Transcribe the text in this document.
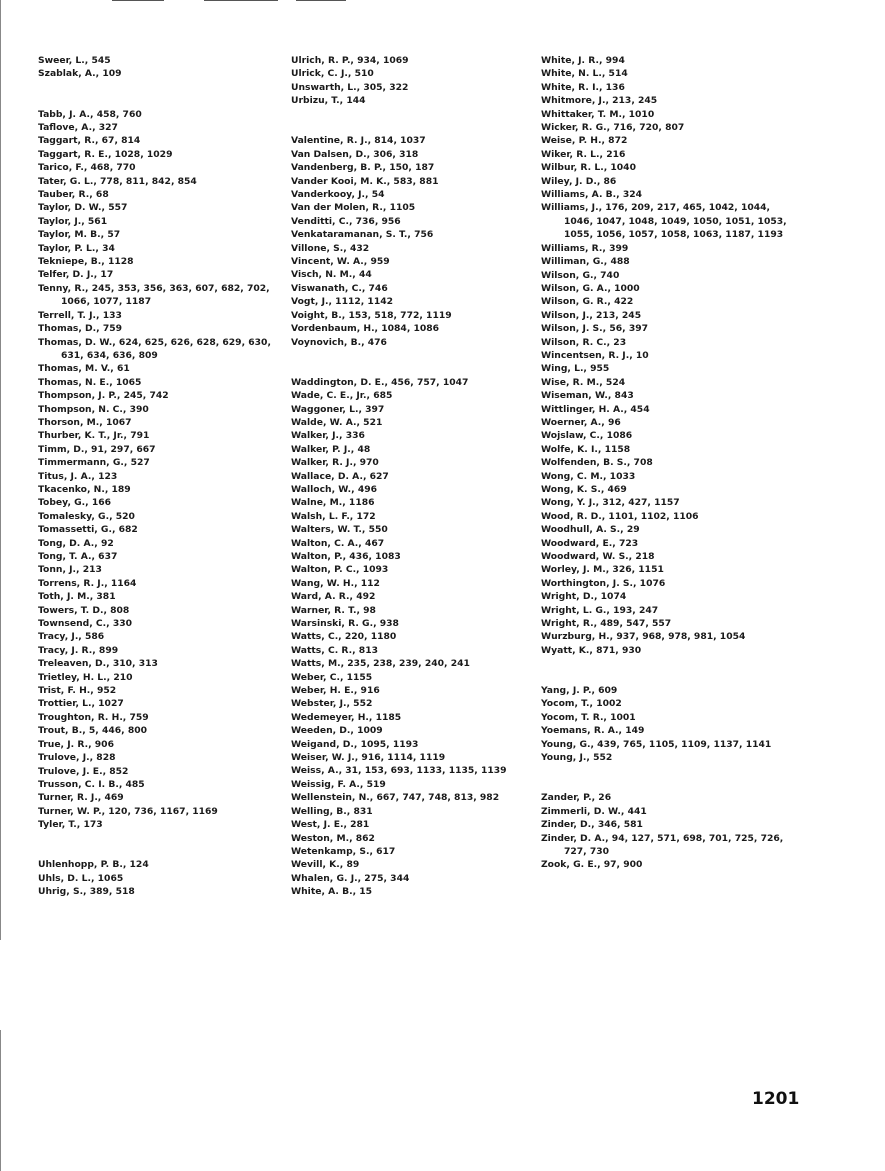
Sweer, L., 545
Szablak, A., 109
Tabb, J. A., 458, 760
Taflove, A., 327
Taggart, R., 67, 814
Taggart, R. E., 1028, 1029
Tarico, F., 468, 770
Tater, G. L., 778, 811, 842, 854
Tauber, R., 68
Taylor, D. W., 557
Taylor, J., 561
Taylor, M. B., 57
Taylor, P. L., 34
Tekniepe, B., 1128
Telfer, D. J., 17
Tenny, R., 245, 353, 356, 363, 607, 682, 702, 1066, 1077, 1187
Terrell, T. J., 133
Thomas, D., 759
Thomas, D. W., 624, 625, 626, 628, 629, 630, 631, 634, 636, 809
Thomas, M. V., 61
Thomas, N. E., 1065
Thompson, J. P., 245, 742
Thompson, N. C., 390
Thorson, M., 1067
Thurber, K. T., Jr., 791
Timm, D., 91, 297, 667
Timmermann, G., 527
Titus, J. A., 123
Tkacenko, N., 189
Tobey, G., 166
Tomalesky, G., 520
Tomassetti, G., 682
Tong, D. A., 92
Tong, T. A., 637
Tonn, J., 213
Torrens, R. J., 1164
Toth, J. M., 381
Towers, T. D., 808
Townsend, C., 330
Tracy, J., 586
Tracy, J. R., 899
Treleaven, D., 310, 313
Trietley, H. L., 210
Trist, F. H., 952
Trottier, L., 1027
Troughton, R. H., 759
Trout, B., 5, 446, 800
True, J. R., 906
Trulove, J., 828
Trulove, J. E., 852
Trusson, C. I. B., 485
Turner, R. J., 469
Turner, W. P., 120, 736, 1167, 1169
Tyler, T., 173
Uhlenhopp, P. B., 124
Uhls, D. L., 1065
Uhrig, S., 389, 518
Ulrich, R. P., 934, 1069
Ulrick, C. J., 510
Unswarth, L., 305, 322
Urbizu, T., 144
Valentine, R. J., 814, 1037
Van Dalsen, D., 306, 318
Vandenberg, B. P., 150, 187
Vander Kooi, M. K., 583, 881
Vanderkooy, J., 54
Van der Molen, R., 1105
Venditti, C., 736, 956
Venkataramanan, S. T., 756
Villone, S., 432
Vincent, W. A., 959
Visch, N. M., 44
Viswanath, C., 746
Vogt, J., 1112, 1142
Voight, B., 153, 518, 772, 1119
Vordenbaum, H., 1084, 1086
Voynovich, B., 476
Waddington, D. E., 456, 757, 1047
Wade, C. E., Jr., 685
Waggoner, L., 397
Walde, W. A., 521
Walker, J., 336
Walker, P. J., 48
Walker, R. J., 970
Wallace, D. A., 627
Walloch, W., 496
Walne, M., 1186
Walsh, L. F., 172
Walters, W. T., 550
Walton, C. A., 467
Walton, P., 436, 1083
Walton, P. C., 1093
Wang, W. H., 112
Ward, A. R., 492
Warner, R. T., 98
Warsinski, R. G., 938
Watts, C., 220, 1180
Watts, C. R., 813
Watts, M., 235, 238, 239, 240, 241
Weber, C., 1155
Weber, H. E., 916
Webster, J., 552
Wedemeyer, H., 1185
Weeden, D., 1009
Weigand, D., 1095, 1193
Weiser, W. J., 916, 1114, 1119
Weiss, A., 31, 153, 693, 1133, 1135, 1139
Weissig, F. A., 519
Wellenstein, N., 667, 747, 748, 813, 982
Welling, B., 831
West, J. E., 281
Weston, M., 862
Wetenkamp, S., 617
Wevill, K., 89
Whalen, G. J., 275, 344
White, A. B., 15
White, J. R., 994
White, N. L., 514
White, R. I., 136
Whitmore, J., 213, 245
Whittaker, T. M., 1010
Wicker, R. G., 716, 720, 807
Weise, P. H., 872
Wiker, R. L., 216
Wilbur, R. L., 1040
Wiley, J. D., 86
Williams, A. B., 324
Williams, J., 176, 209, 217, 465, 1042, 1044, 1046, 1047, 1048, 1049, 1050, 1051, 1053, 1055, 1056, 1057, 1058, 1063, 1187, 1193
Williams, R., 399
Williman, G., 488
Wilson, G., 740
Wilson, G. A., 1000
Wilson, G. R., 422
Wilson, J., 213, 245
Wilson, J. S., 56, 397
Wilson, R. C., 23
Wincentsen, R. J., 10
Wing, L., 955
Wise, R. M., 524
Wiseman, W., 843
Wittlinger, H. A., 454
Woerner, A., 96
Wojslaw, C., 1086
Wolfe, K. I., 1158
Wolfenden, B. S., 708
Wong, C. M., 1033
Wong, K. S., 469
Wong, Y. J., 312, 427, 1157
Wood, R. D., 1101, 1102, 1106
Woodhull, A. S., 29
Woodward, E., 723
Woodward, W. S., 218
Worley, J. M., 326, 1151
Worthington, J. S., 1076
Wright, D., 1074
Wright, L. G., 193, 247
Wright, R., 489, 547, 557
Wurzburg, H., 937, 968, 978, 981, 1054
Wyatt, K., 871, 930
Yang, J. P., 609
Yocom, T., 1002
Yocom, T. R., 1001
Yoemans, R. A., 149
Young, G., 439, 765, 1105, 1109, 1137, 1141
Young, J., 552
Zander, P., 26
Zimmerli, D. W., 441
Zinder, D., 346, 581
Zinder, D. A., 94, 127, 571, 698, 701, 725, 726, 727, 730
Zook, G. E., 97, 900
1201
